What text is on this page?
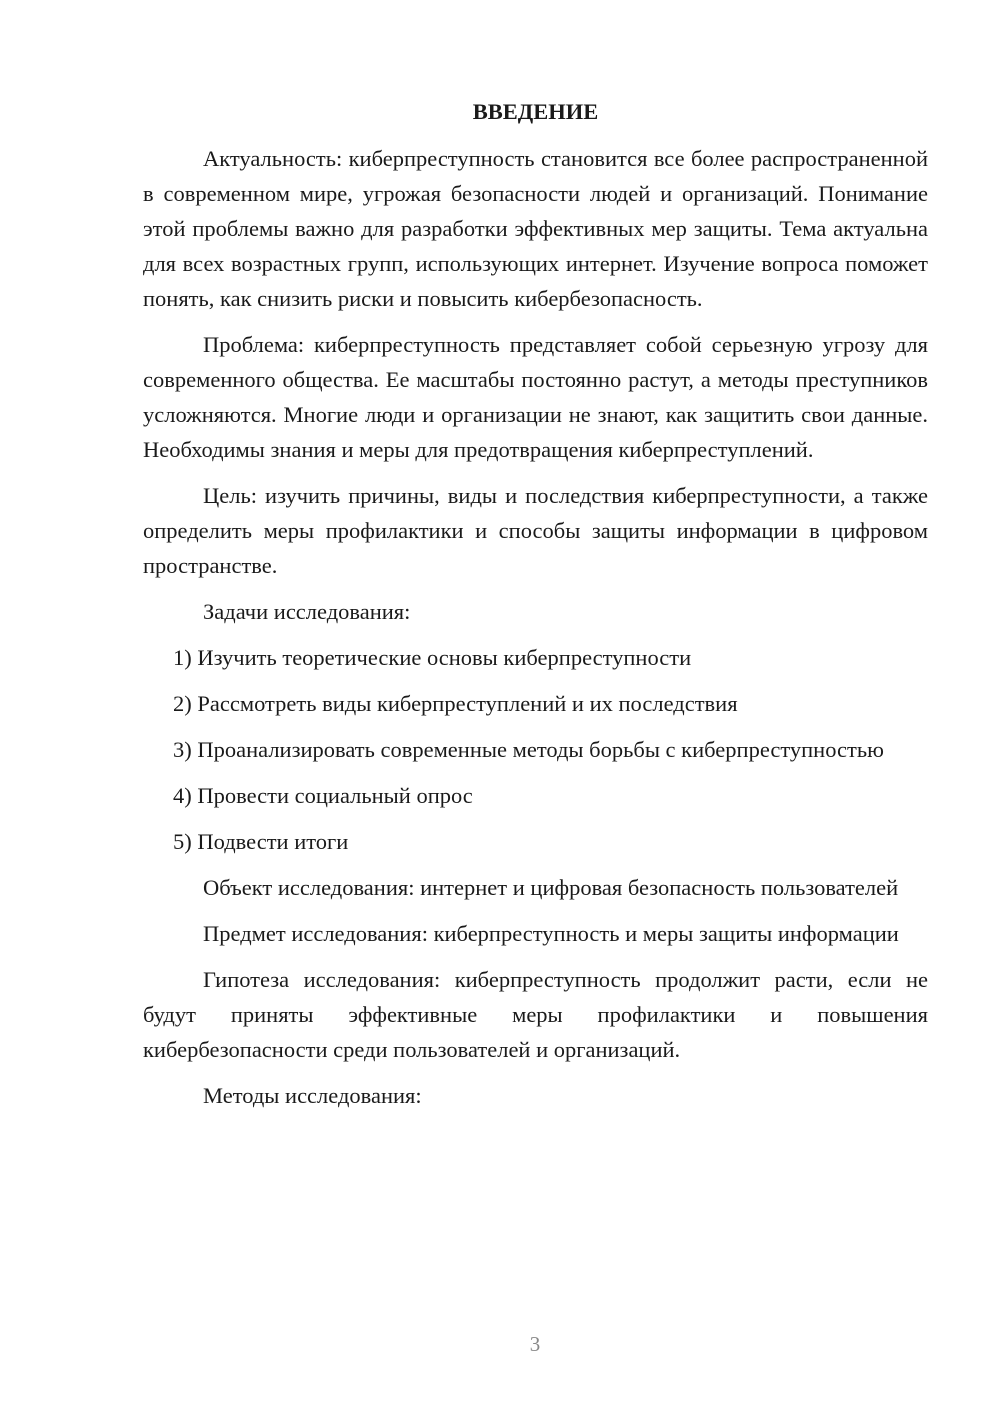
ВВЕДЕНИЕ

Актуальность: киберпреступность становится все более распространенной в современном мире, угрожая безопасности людей и организаций. Понимание этой проблемы важно для разработки эффективных мер защиты. Тема актуальна для всех возрастных групп, использующих интернет. Изучение вопроса поможет понять, как снизить риски и повысить кибербезопасность.

Проблема: киберпреступность представляет собой серьезную угрозу для современного общества. Ее масштабы постоянно растут, а методы преступников усложняются. Многие люди и организации не знают, как защитить свои данные. Необходимы знания и меры для предотвращения киберпреступлений.

Цель: изучить причины, виды и последствия киберпреступности, а также определить меры профилактики и способы защиты информации в цифровом пространстве.

Задачи исследования:

1) Изучить теоретические основы киберпреступности

2) Рассмотреть виды киберпреступлений и их последствия

3) Проанализировать современные методы борьбы с киберпреступностью

4) Провести социальный опрос

5) Подвести итоги

Объект исследования: интернет и цифровая безопасность пользователей

Предмет исследования: киберпреступность и меры защиты информации

Гипотеза исследования: киберпреступность продолжит расти, если не будут приняты эффективные меры профилактики и повышения кибербезопасности среди пользователей и организаций.

Методы исследования:

3
